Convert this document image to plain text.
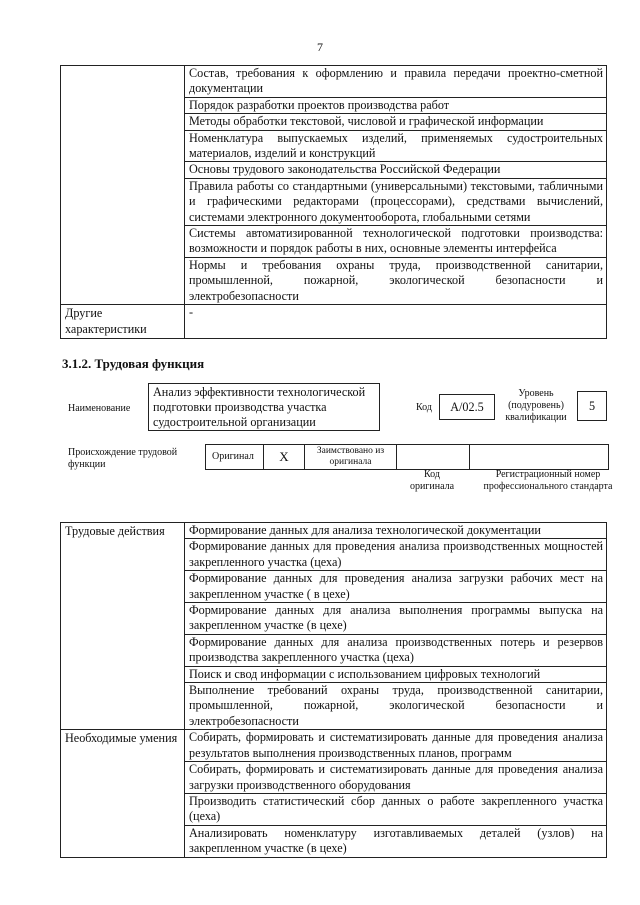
7
	Состав, требования к оформлению и правила передачи проектно-сметной документации
	Порядок разработки проектов производства работ
	Методы обработки текстовой, числовой и графической информации
	Номенклатура выпускаемых изделий, применяемых судостроительных материалов, изделий и конструкций
	Основы трудового законодательства Российской Федерации
	Правила работы со стандартными (универсальными) текстовыми, табличными и графическими редакторами (процессорами), средствами вычислений, системами электронного документооборота, глобальными сетями
	Системы автоматизированной технологической подготовки производства: возможности и порядок работы в них, основные элементы интерфейса
	Нормы и требования охраны труда, производственной санитарии, промышленной, пожарной, экологической безопасности и электробезопасности
Другие характеристики	-
3.1.2. Трудовая функция
Наименование
Анализ эффективности технологической подготовки производства участка судостроительной организации
Код	А/02.5
Уровень (подуровень) квалификации
5
Происхождение трудовой функции
Оригинал	X	Заимствовано из оригинала
Код оригинала
Регистрационный номер профессионального стандарта
Трудовые действия	Формирование данных для анализа технологической документации
	Формирование данных для проведения анализа производственных мощностей закрепленного участка (цеха)
	Формирование данных для проведения анализа загрузки рабочих мест на закрепленном участке ( в цехе)
	Формирование данных для анализа выполнения программы выпуска на закрепленном участке (в цехе)
	Формирование данных для анализа производственных потерь и резервов производства закрепленного участка (цеха)
	Поиск и свод информации с использованием цифровых технологий
	Выполнение требований охраны труда, производственной санитарии, промышленной, пожарной, экологической безопасности и электробезопасности
Необходимые умения	Собирать, формировать и систематизировать данные для проведения анализа результатов выполнения производственных планов, программ
	Собирать, формировать и систематизировать данные для проведения анализа загрузки производственного оборудования
	Производить статистический сбор данных о работе закрепленного участка (цеха)
	Анализировать номенклатуру изготавливаемых деталей (узлов) на закрепленном участке (в цехе)
